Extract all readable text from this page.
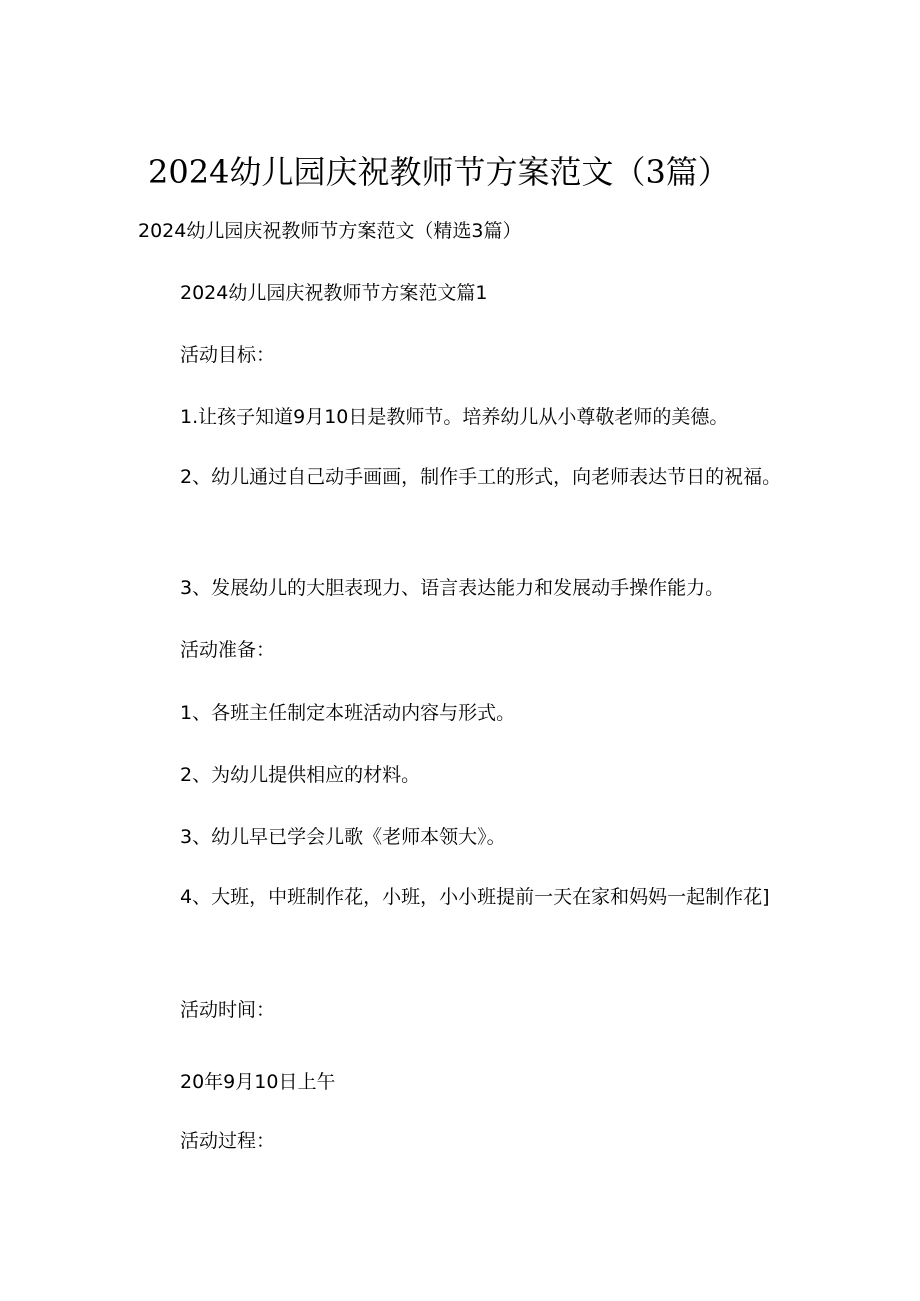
2024幼儿园庆祝教师节方案范文（3篇）

2024幼儿园庆祝教师节方案范文（精选3篇）

2024幼儿园庆祝教师节方案范文篇1

活动目标：

1.让孩子知道9月10日是教师节。培养幼儿从小尊敬老师的美德。

2、幼儿通过自己动手画画，制作手工的形式，向老师表达节日的祝福。

3、发展幼儿的大胆表现力、语言表达能力和发展动手操作能力。

活动准备：

1、各班主任制定本班活动内容与形式。

2、为幼儿提供相应的材料。

3、幼儿早已学会儿歌《老师本领大》。

4、大班，中班制作花，小班，小小班提前一天在家和妈妈一起制作花]

活动时间：

20年9月10日上午

活动过程：
